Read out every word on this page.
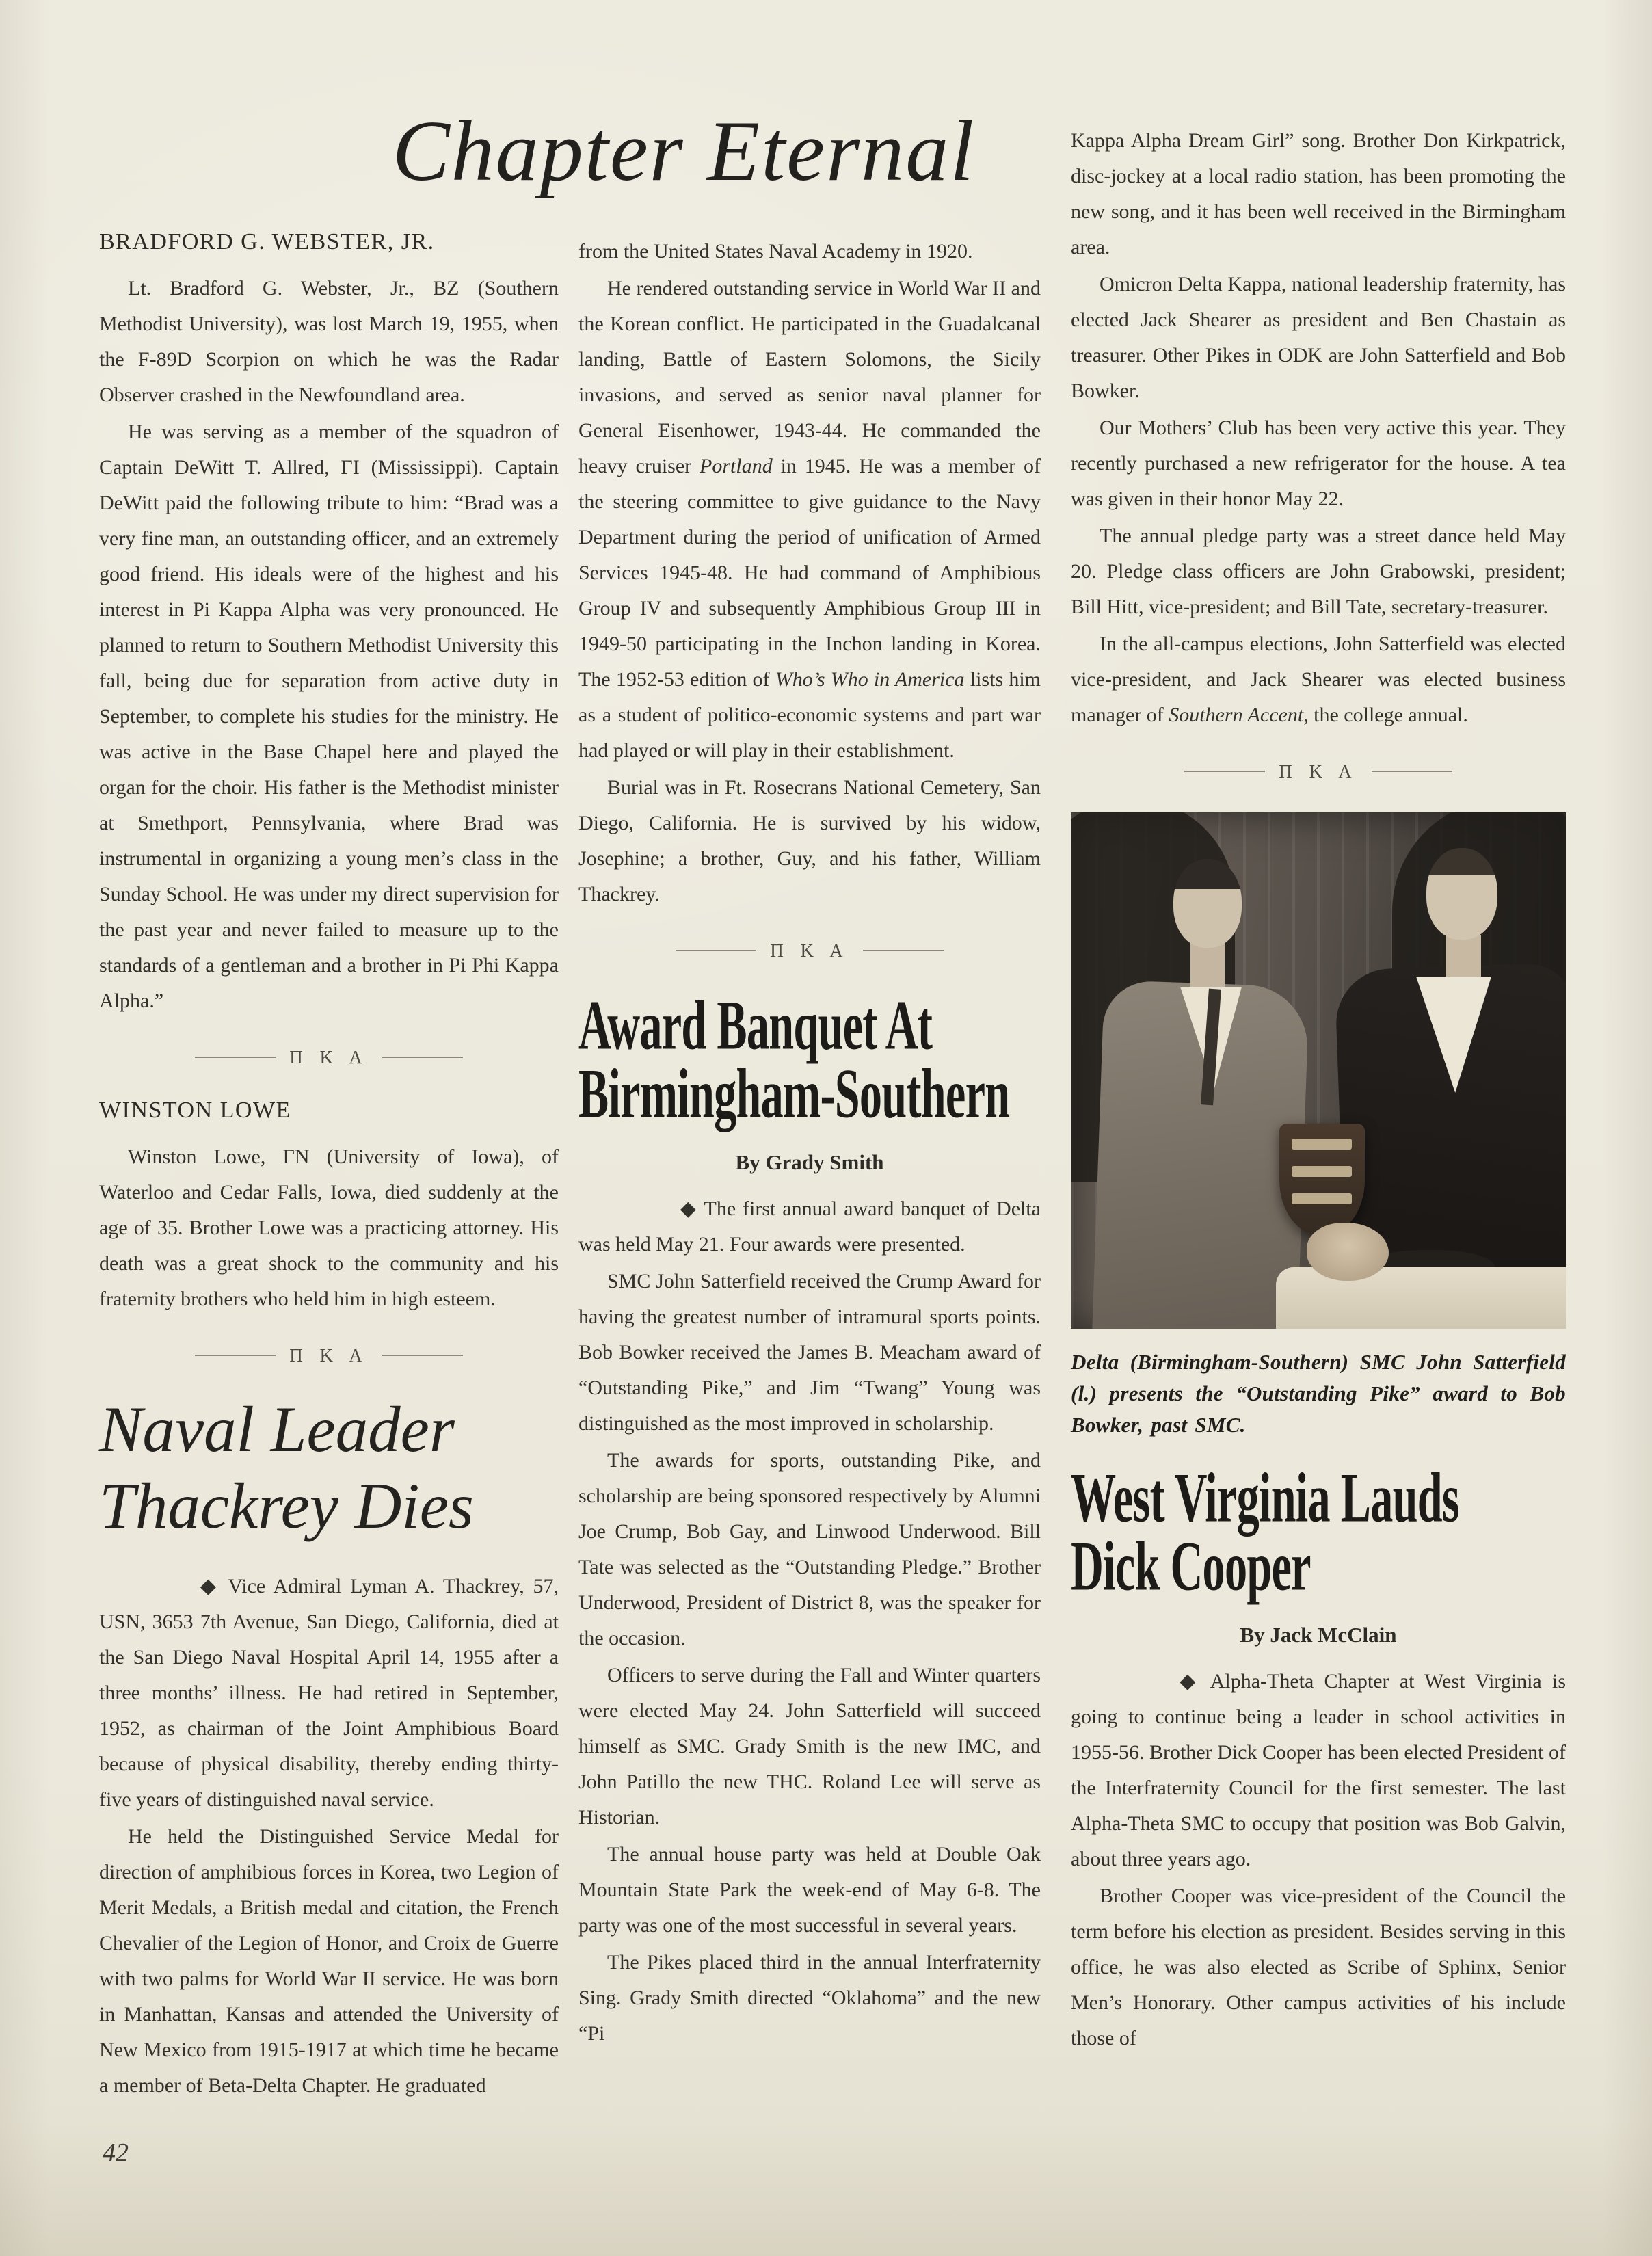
Chapter Eternal
BRADFORD G. WEBSTER, JR.

Lt. Bradford G. Webster, Jr., ΒΖ (Southern Methodist University), was lost March 19, 1955, when the F-89D Scorpion on which he was the Radar Observer crashed in the Newfoundland area.

He was serving as a member of the squadron of Captain DeWitt T. Allred, ΓΙ (Mississippi). Captain DeWitt paid the following tribute to him: “Brad was a very fine man, an outstanding officer, and an extremely good friend. His ideals were of the highest and his interest in Pi Kappa Alpha was very pronounced. He planned to return to Southern Methodist University this fall, being due for separation from active duty in September, to complete his studies for the ministry. He was active in the Base Chapel here and played the organ for the choir. His father is the Methodist minister at Smethport, Pennsylvania, where Brad was instrumental in organizing a young men’s class in the Sunday School. He was under my direct supervision for the past year and never failed to measure up to the standards of a gentleman and a brother in Pi Phi Kappa Alpha.”

Π Κ Α
WINSTON LOWE

Winston Lowe, ΓΝ (University of Iowa), of Waterloo and Cedar Falls, Iowa, died suddenly at the age of 35. Brother Lowe was a practicing attorney. His death was a great shock to the community and his fraternity brothers who held him in high esteem.

Π Κ Α
Naval Leader
Thackrey Dies

◆ Vice Admiral Lyman A. Thackrey, 57, USN, 3653 7th Avenue, San Diego, California, died at the San Diego Naval Hospital April 14, 1955 after a three months’ illness. He had retired in September, 1952, as chairman of the Joint Amphibious Board because of physical disability, thereby ending thirty-five years of distinguished naval service.

He held the Distinguished Service Medal for direction of amphibious forces in Korea, two Legion of Merit Medals, a British medal and citation, the French Chevalier of the Legion of Honor, and Croix de Guerre with two palms for World War II service. He was born in Manhattan, Kansas and attended the University of New Mexico from 1915-1917 at which time he became a member of Beta-Delta Chapter. He graduated

from the United States Naval Academy in 1920.

He rendered outstanding service in World War II and the Korean conflict. He participated in the Guadalcanal landing, Battle of Eastern Solomons, the Sicily invasions, and served as senior naval planner for General Eisenhower, 1943-44. He commanded the heavy cruiser Portland in 1945. He was a member of the steering committee to give guidance to the Navy Department during the period of unification of Armed Services 1945-48. He had command of Amphibious Group IV and subsequently Amphibious Group III in 1949-50 participating in the Inchon landing in Korea. The 1952-53 edition of Who’s Who in America lists him as a student of politico-economic systems and part war had played or will play in their establishment.

Burial was in Ft. Rosecrans National Cemetery, San Diego, California. He is survived by his widow, Josephine; a brother, Guy, and his father, William Thackrey.

Π Κ Α
Award Banquet At
Birmingham-Southern
By Grady Smith

◆ The first annual award banquet of Delta was held May 21. Four awards were presented.

SMC John Satterfield received the Crump Award for having the greatest number of intramural sports points. Bob Bowker received the James B. Meacham award of “Outstanding Pike,” and Jim “Twang” Young was distinguished as the most improved in scholarship.

The awards for sports, outstanding Pike, and scholarship are being sponsored respectively by Alumni Joe Crump, Bob Gay, and Linwood Underwood. Bill Tate was selected as the “Outstanding Pledge.” Brother Underwood, President of District 8, was the speaker for the occasion.

Officers to serve during the Fall and Winter quarters were elected May 24. John Satterfield will succeed himself as SMC. Grady Smith is the new IMC, and John Patillo the new THC. Roland Lee will serve as Historian.

The annual house party was held at Double Oak Mountain State Park the week-end of May 6-8. The party was one of the most successful in several years.

The Pikes placed third in the annual Interfraternity Sing. Grady Smith directed “Oklahoma” and the new “Pi

Kappa Alpha Dream Girl” song. Brother Don Kirkpatrick, disc-jockey at a local radio station, has been promoting the new song, and it has been well received in the Birmingham area.

Omicron Delta Kappa, national leadership fraternity, has elected Jack Shearer as president and Ben Chastain as treasurer. Other Pikes in ODK are John Satterfield and Bob Bowker.

Our Mothers’ Club has been very active this year. They recently purchased a new refrigerator for the house. A tea was given in their honor May 22.

The annual pledge party was a street dance held May 20. Pledge class officers are John Grabowski, president; Bill Hitt, vice-president; and Bill Tate, secretary-treasurer.

In the all-campus elections, John Satterfield was elected vice-president, and Jack Shearer was elected business manager of Southern Accent, the college annual.

Π Κ Α

Delta (Birmingham-Southern) SMC John Satterfield (l.) presents the “Outstanding Pike” award to Bob Bowker, past SMC.

West Virginia Lauds
Dick Cooper
By Jack McClain

◆ Alpha-Theta Chapter at West Virginia is going to continue being a leader in school activities in 1955-56. Brother Dick Cooper has been elected President of the Interfraternity Council for the first semester. The last Alpha-Theta SMC to occupy that position was Bob Galvin, about three years ago.

Brother Cooper was vice-president of the Council the term before his election as president. Besides serving in this office, he was also elected as Scribe of Sphinx, Senior Men’s Honorary. Other campus activities of his include those of

42
